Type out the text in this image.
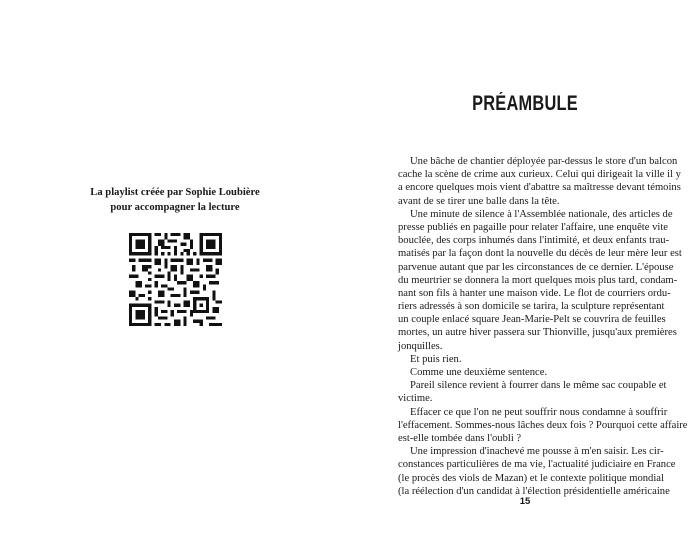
La playlist créée par Sophie Loubière
pour accompagner la lecture
PRÉAMBULE
Une bâche de chantier déployée par-dessus le store d'un balcon
cache la scène de crime aux curieux. Celui qui dirigeait la ville il y
a encore quelques mois vient d'abattre sa maîtresse devant témoins
avant de se tirer une balle dans la tête.
Une minute de silence à l'Assemblée nationale, des articles de
presse publiés en pagaille pour relater l'affaire, une enquête vite
bouclée, des corps inhumés dans l'intimité, et deux enfants trau-
matisés par la façon dont la nouvelle du décès de leur mère leur est
parvenue autant que par les circonstances de ce dernier. L'épouse
du meurtrier se donnera la mort quelques mois plus tard, condam-
nant son fils à hanter une maison vide. Le flot de courriers ordu-
riers adressés à son domicile se tarira, la sculpture représentant
un couple enlacé square Jean-Marie-Pelt se couvrira de feuilles
mortes, un autre hiver passera sur Thionville, jusqu'aux premières
jonquilles.
Et puis rien.
Comme une deuxième sentence.
Pareil silence revient à fourrer dans le même sac coupable et
victime.
Effacer ce que l'on ne peut souffrir nous condamne à souffrir
l'effacement. Sommes-nous lâches deux fois ? Pourquoi cette affaire
est-elle tombée dans l'oubli ?
Une impression d'inachevé me pousse à m'en saisir. Les cir-
constances particulières de ma vie, l'actualité judiciaire en France
(le procès des viols de Mazan) et le contexte politique mondial
(la réélection d'un candidat à l'élection présidentielle américaine
15
